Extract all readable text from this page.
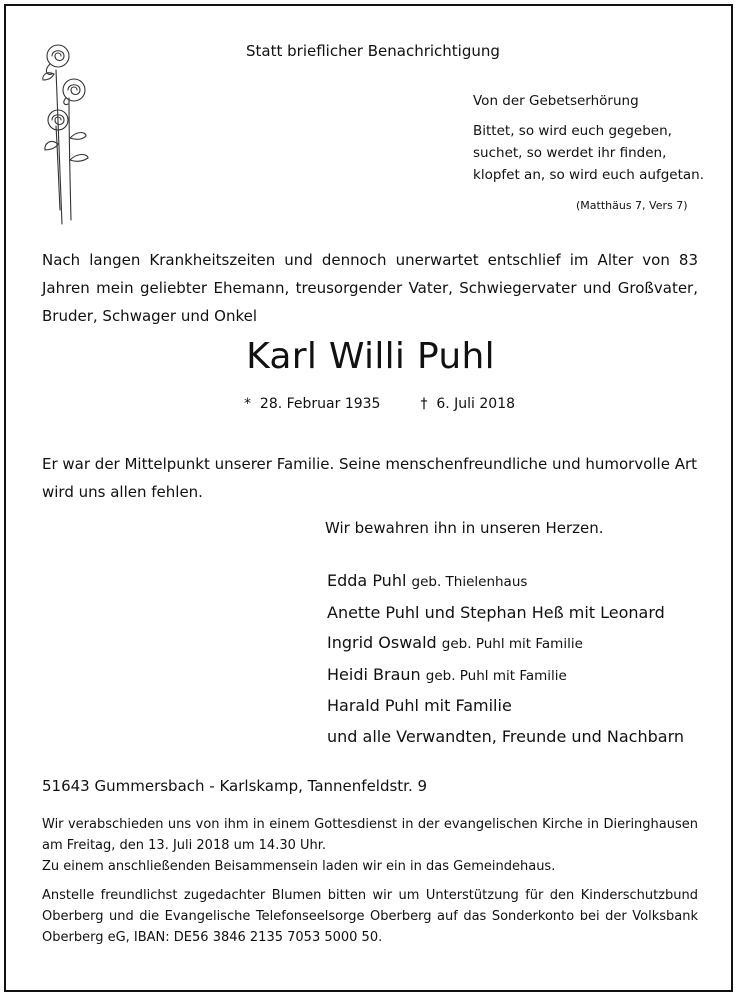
Statt brieflicher Benachrichtigung
Von der Gebetserhörung
Bittet, so wird euch gegeben,
suchet, so werdet ihr finden,
klopfet an, so wird euch aufgetan.
(Matthäus 7, Vers 7)
Nach langen Krankheitszeiten und dennoch unerwartet entschlief im Alter von 83 Jahren mein geliebter Ehemann, treusorgender Vater, Schwiegervater und Großvater, Bruder, Schwager und Onkel
Karl Willi Puhl
* 28. Februar 1935	† 6. Juli 2018
Er war der Mittelpunkt unserer Familie. Seine menschenfreundliche und humorvolle Art wird uns allen fehlen.
Wir bewahren ihn in unseren Herzen.
Edda Puhl geb. Thielenhaus
Anette Puhl und Stephan Heß mit Leonard
Ingrid Oswald geb. Puhl mit Familie
Heidi Braun geb. Puhl mit Familie
Harald Puhl mit Familie
und alle Verwandten, Freunde und Nachbarn
51643 Gummersbach - Karlskamp, Tannenfeldstr. 9

Wir verabschieden uns von ihm in einem Gottesdienst in der evangelischen Kirche in Dieringhausen am Freitag, den 13. Juli 2018 um 14.30 Uhr.

Zu einem anschließenden Beisammensein laden wir ein in das Gemeindehaus.

Anstelle freundlichst zugedachter Blumen bitten wir um Unterstützung für den Kinderschutzbund Oberberg und die Evangelische Telefonseelsorge Oberberg auf das Sonderkonto bei der Volksbank Oberberg eG, IBAN: DE56 3846 2135 7053 5000 50.
